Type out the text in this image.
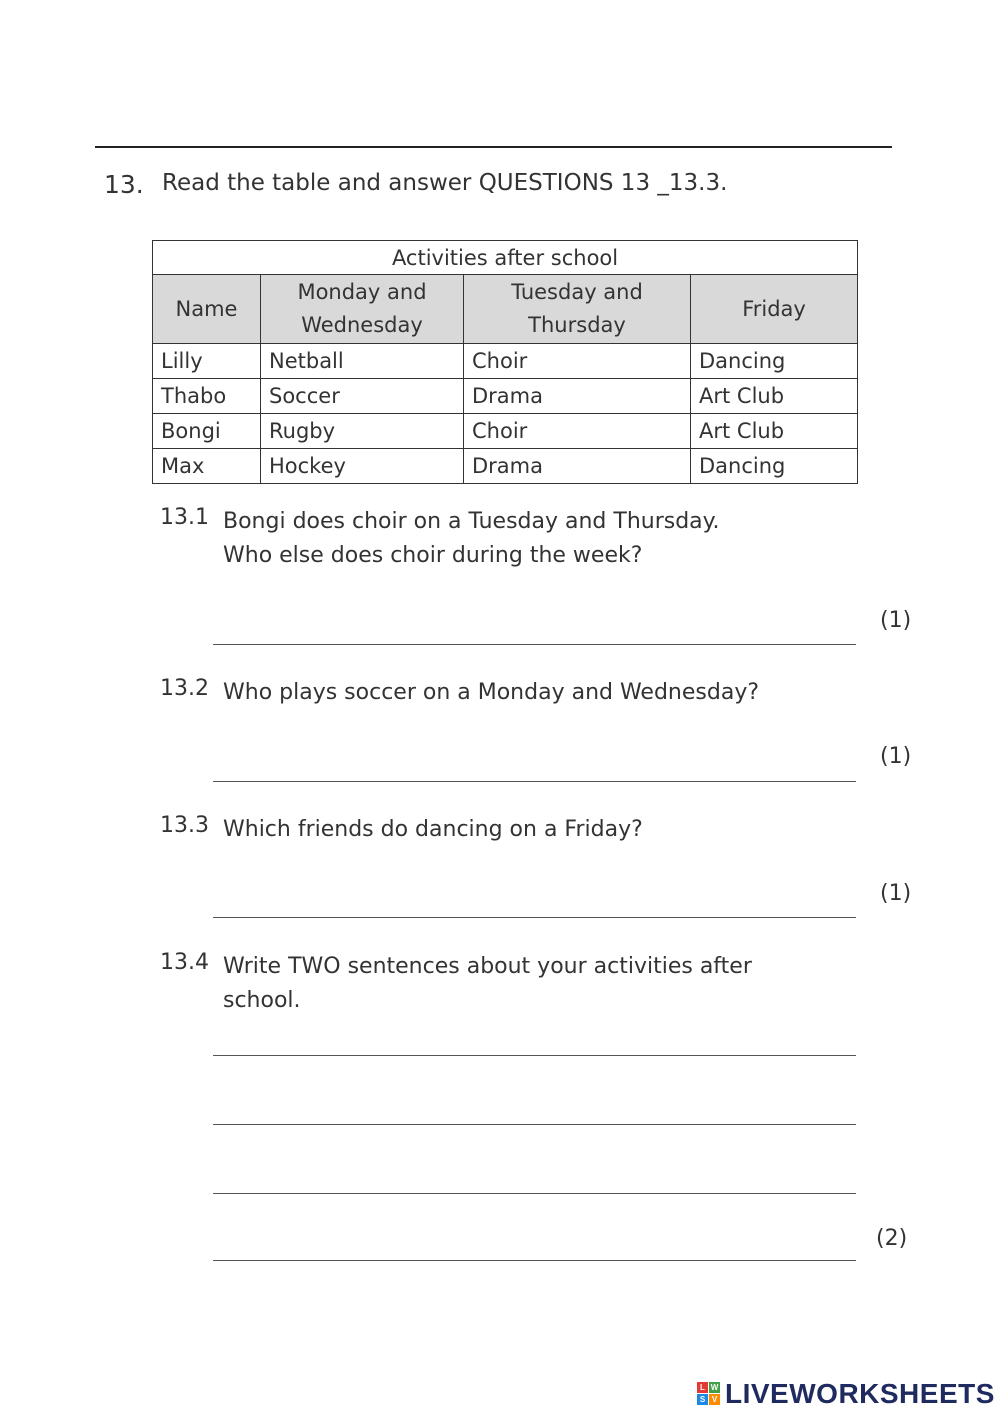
13. Read the table and answer QUESTIONS 13 _13.3.
Activities after school			
Name	Monday and Wednesday	Tuesday and Thursday	Friday
Lilly	Netball	Choir	Dancing
Thabo	Soccer	Drama	Art Club
Bongi	Rugby	Choir	Art Club
Max	Hockey	Drama	Dancing
13.1 Bongi does choir on a Tuesday and Thursday.
Who else does choir during the week?
(1)
13.2 Who plays soccer on a Monday and Wednesday?
(1)
13.3 Which friends do dancing on a Friday?
(1)
13.4 Write TWO sentences about your activities after
school.
(2)
L W
S V LIVEWORKSHEETS
